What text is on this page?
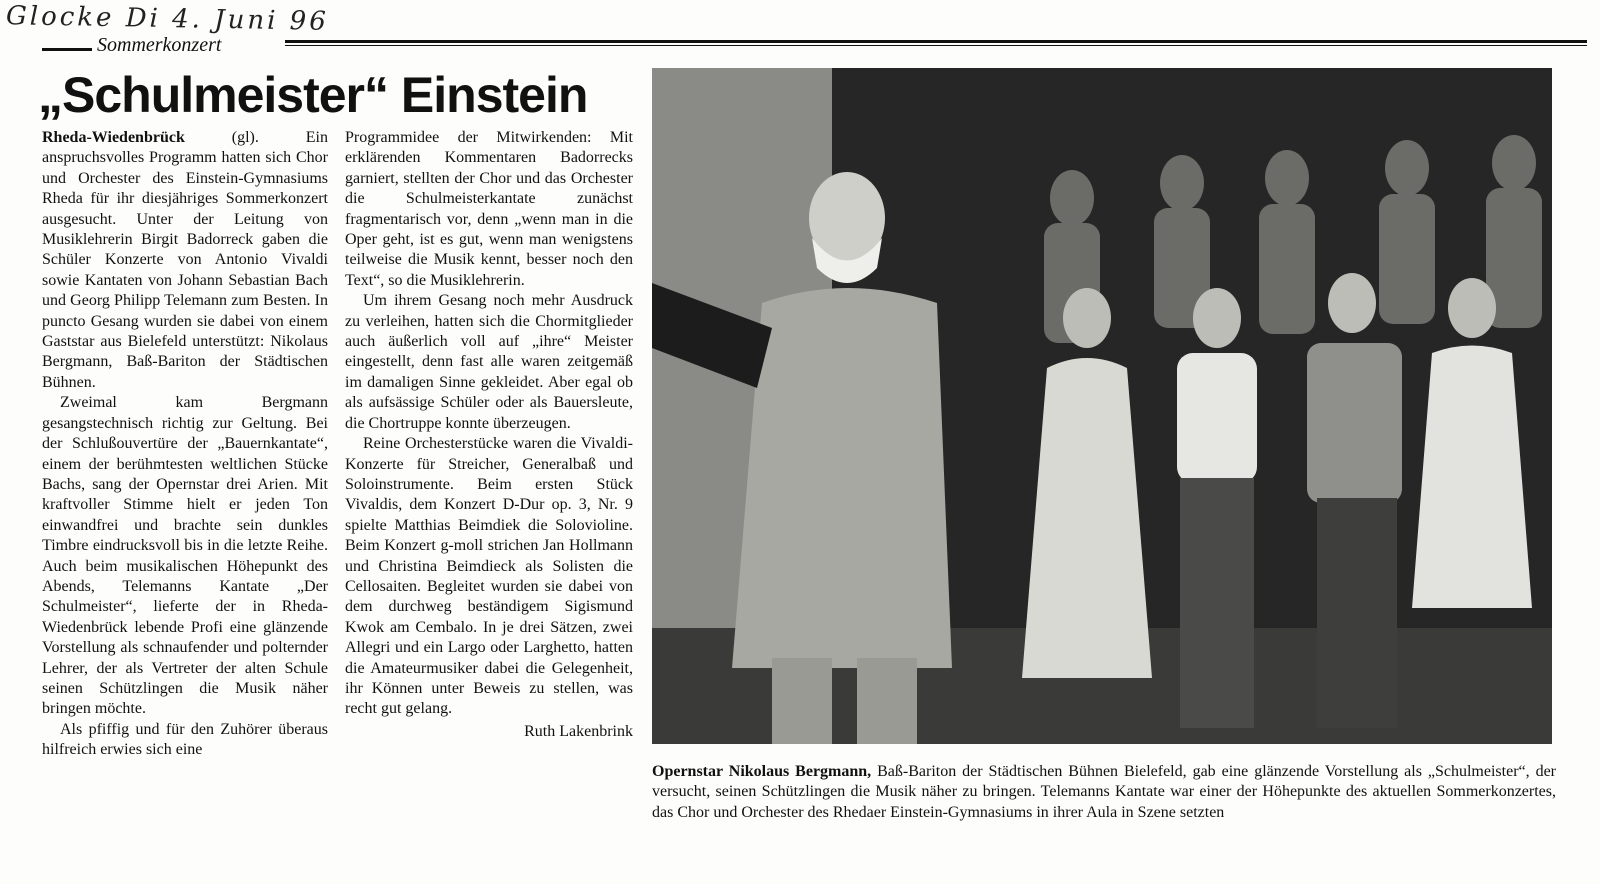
Glocke Di 4. Juni 96
Sommerkonzert
„Schulmeister“ Einstein

Rheda-Wiedenbrück (gl). Ein anspruchsvolles Programm hatten sich Chor und Orchester des Einstein-Gymnasiums Rheda für ihr diesjähriges Sommerkonzert ausgesucht. Unter der Leitung von Musiklehrerin Birgit Badorreck gaben die Schüler Konzerte von Antonio Vivaldi sowie Kantaten von Johann Sebastian Bach und Georg Philipp Telemann zum Besten. In puncto Gesang wurden sie dabei von einem Gaststar aus Bielefeld unterstützt: Nikolaus Bergmann, Baß-Bariton der Städtischen Bühnen.

Zweimal kam Bergmann gesangstechnisch richtig zur Geltung. Bei der Schlußouvertüre der „Bauernkantate“, einem der berühmtesten weltlichen Stücke Bachs, sang der Opernstar drei Arien. Mit kraftvoller Stimme hielt er jeden Ton einwandfrei und brachte sein dunkles Timbre eindrucksvoll bis in die letzte Reihe. Auch beim musikalischen Höhepunkt des Abends, Telemanns Kantate „Der Schulmeister“, lieferte der in Rheda-Wiedenbrück lebende Profi eine glänzende Vorstellung als schnaufender und polternder Lehrer, der als Vertreter der alten Schule seinen Schützlingen die Musik näher bringen möchte.

Als pfiffig und für den Zuhörer überaus hilfreich erwies sich eine

Programmidee der Mitwirkenden: Mit erklärenden Kommentaren Badorrecks garniert, stellten der Chor und das Orchester die Schulmeisterkantate zunächst fragmentarisch vor, denn „wenn man in die Oper geht, ist es gut, wenn man wenigstens teilweise die Musik kennt, besser noch den Text“, so die Musiklehrerin.

Um ihrem Gesang noch mehr Ausdruck zu verleihen, hatten sich die Chormitglieder auch äußerlich voll auf „ihre“ Meister eingestellt, denn fast alle waren zeitgemäß im damaligen Sinne gekleidet. Aber egal ob als aufsässige Schüler oder als Bauersleute, die Chortruppe konnte überzeugen.

Reine Orchesterstücke waren die Vivaldi-Konzerte für Streicher, Generalbaß und Soloinstrumente. Beim ersten Stück Vivaldis, dem Konzert D-Dur op. 3, Nr. 9 spielte Matthias Beimdiek die Solovioline. Beim Konzert g-moll strichen Jan Hollmann und Christina Beimdieck als Solisten die Cellosaiten. Begleitet wurden sie dabei von dem durchweg beständigem Sigismund Kwok am Cembalo. In je drei Sätzen, zwei Allegri und ein Largo oder Larghetto, hatten die Amateurmusiker dabei die Gelegenheit, ihr Können unter Beweis zu stellen, was recht gut gelang.

Ruth Lakenbrink
Opernstar Nikolaus Bergmann, Baß-Bariton der Städtischen Bühnen Bielefeld, gab eine glänzende Vorstellung als „Schulmeister“, der versucht, seinen Schützlingen die Musik näher zu bringen. Telemanns Kantate war einer der Höhepunkte des aktuellen Sommerkonzertes, das Chor und Orchester des Rhedaer Einstein-Gymnasiums in ihrer Aula in Szene setzten
